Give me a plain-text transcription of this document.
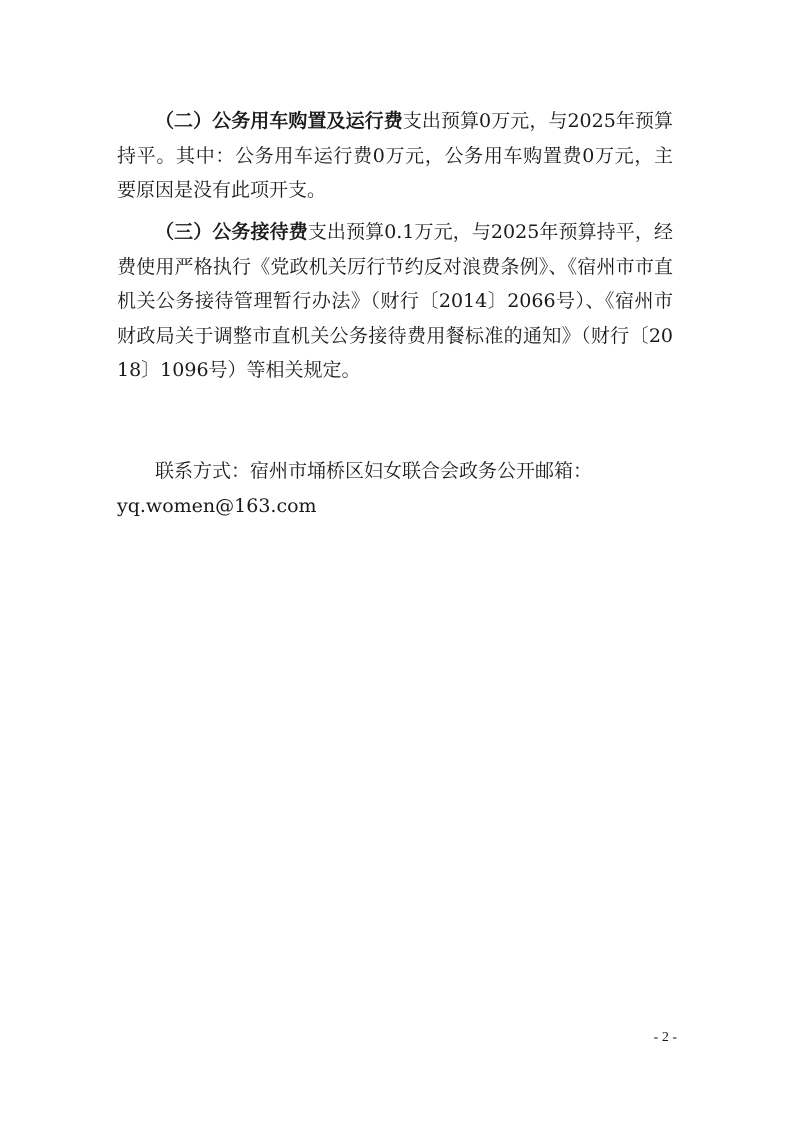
（二）公务用车购置及运行费支出预算0万元，与2025年预算持平。其中：公务用车运行费0万元，公务用车购置费0万元，主要原因是没有此项开支。

（三）公务接待费支出预算0.1万元，与2025年预算持平，经费使用严格执行《党政机关厉行节约反对浪费条例》、《宿州市市直机关公务接待管理暂行办法》（财行〔2014〕2066号）、《宿州市财政局关于调整市直机关公务接待费用餐标准的通知》（财行〔2018〕1096号）等相关规定。

联系方式：宿州市埇桥区妇女联合会政务公开邮箱：

yq.women@163.com

- 2 -
